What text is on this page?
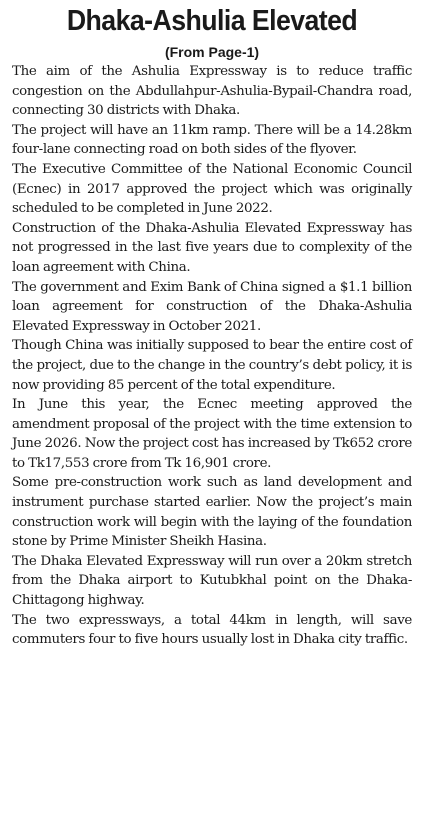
Dhaka-Ashulia Elevated
(From Page-1)

The aim of the Ashulia Expressway is to reduce traffic congestion on the Abdullahpur-Ashulia-Bypail-Chandra road, connecting 30 districts with Dhaka.

The project will have an 11km ramp. There will be a 14.28km four-lane connecting road on both sides of the flyover.

The Executive Committee of the National Economic Council (Ecnec) in 2017 approved the project which was originally scheduled to be completed in June 2022.

Construction of the Dhaka-Ashulia Elevated Expressway has not progressed in the last five years due to complexity of the loan agreement with China.

The government and Exim Bank of China signed a $1.1 billion loan agreement for construction of the Dhaka-Ashulia Elevated Expressway in October 2021.

Though China was initially supposed to bear the entire cost of the project, due to the change in the country’s debt policy, it is now providing 85 percent of the total expenditure.

In June this year, the Ecnec meeting approved the amendment proposal of the project with the time extension to June 2026. Now the project cost has increased by Tk652 crore to Tk17,553 crore from Tk 16,901 crore.

Some pre-construction work such as land development and instrument purchase started earlier. Now the project’s main construction work will begin with the laying of the foundation stone by Prime Minister Sheikh Hasina.

The Dhaka Elevated Expressway will run over a 20km stretch from the Dhaka airport to Kutubkhal point on the Dhaka-Chittagong highway.

The two expressways, a total 44km in length, will save commuters four to five hours usually lost in Dhaka city traffic.
